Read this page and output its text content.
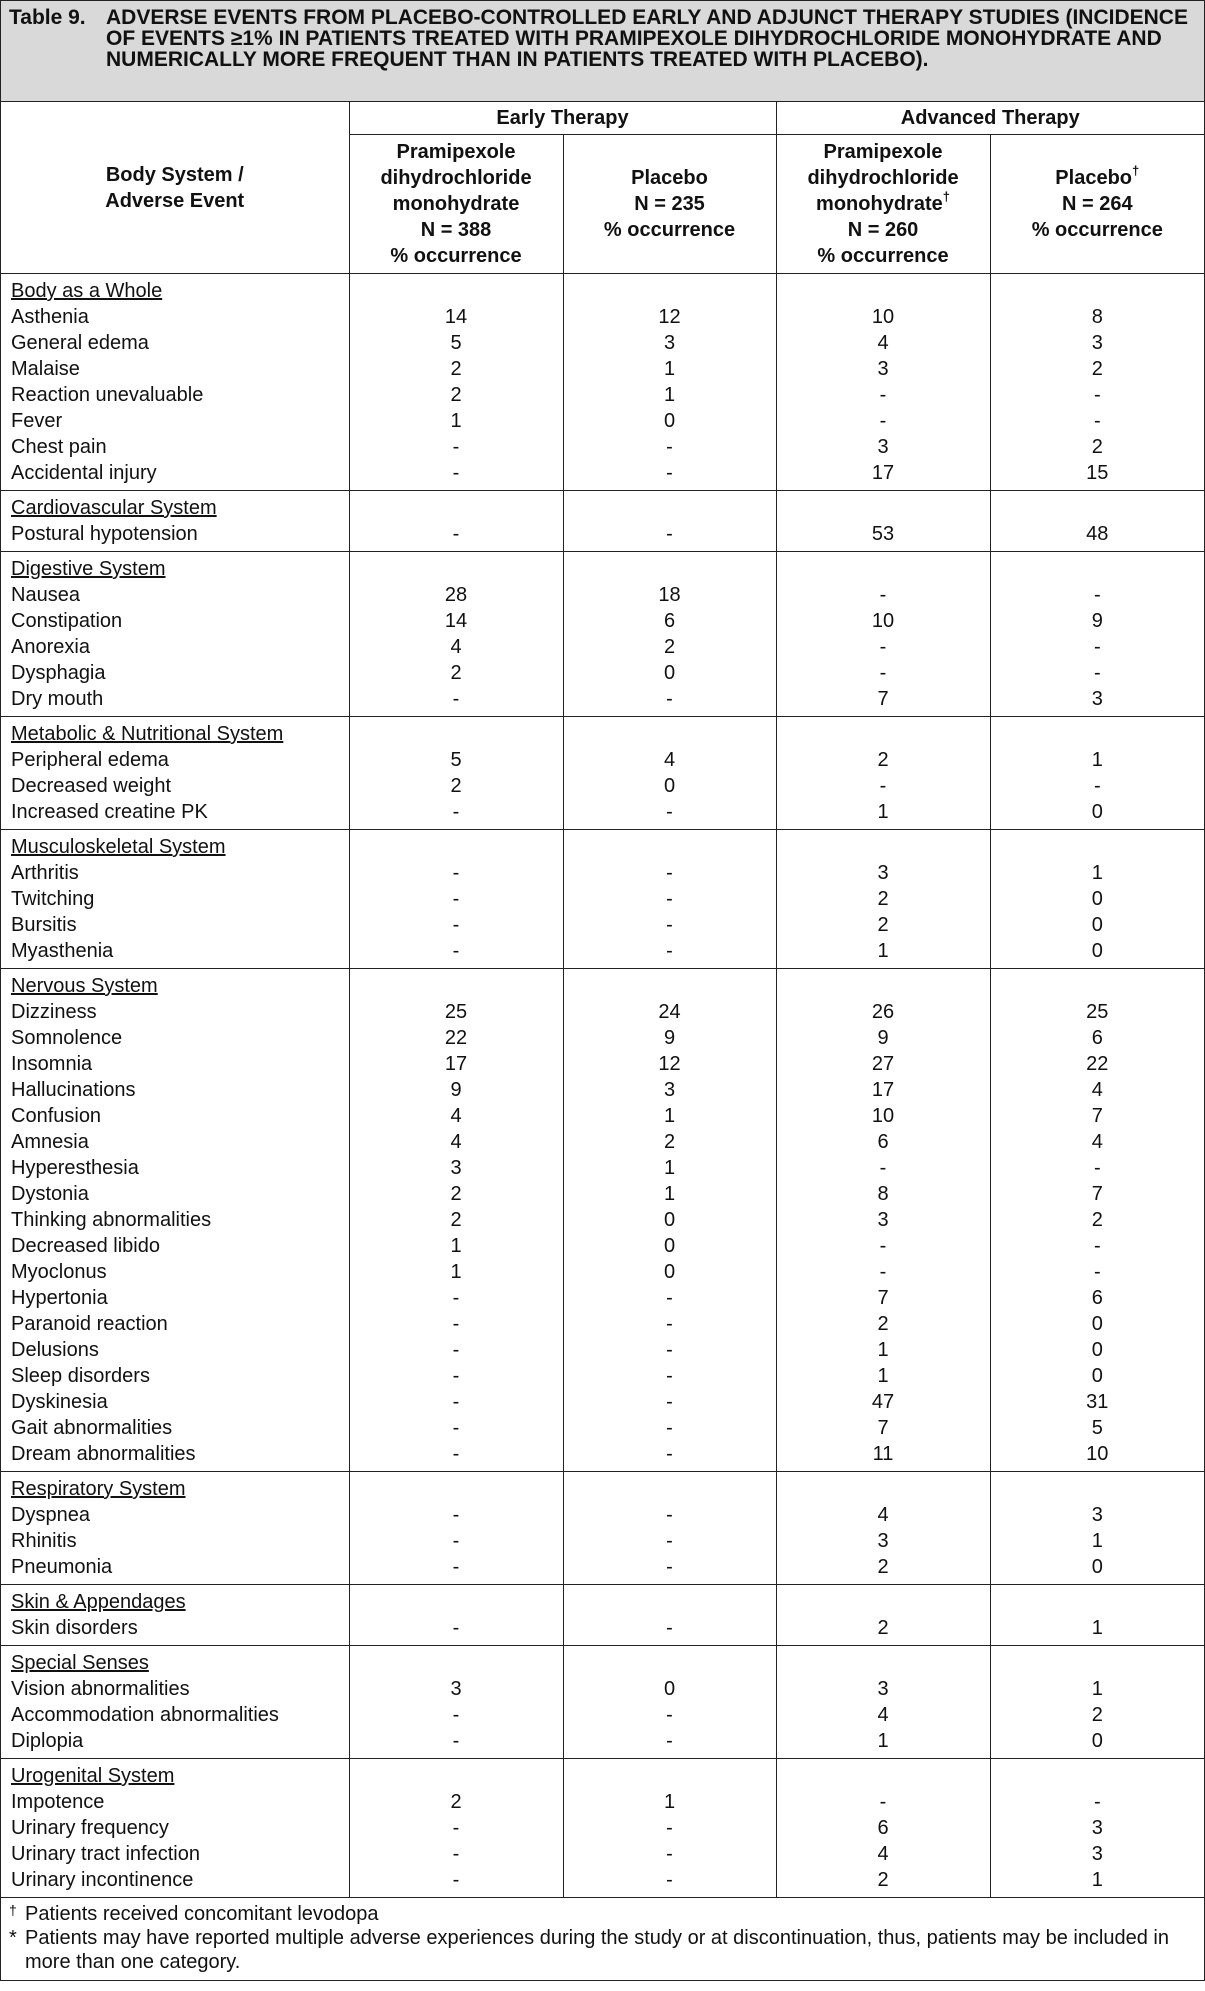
Table 9. ADVERSE EVENTS FROM PLACEBO-CONTROLLED EARLY AND ADJUNCT THERAPY STUDIES (INCIDENCE OF EVENTS ≥1% IN PATIENTS TREATED WITH PRAMIPEXOLE DIHYDROCHLORIDE MONOHYDRATE AND NUMERICALLY MORE FREQUENT THAN IN PATIENTS TREATED WITH PLACEBO).
Body System /
Adverse Event	Early Therapy		Advanced Therapy	
	Pramipexole
dihydrochloride
monohydrate
N = 388
% occurrence	Placebo
N = 235
% occurrence	Pramipexole
dihydrochloride
monohydrate†
N = 260
% occurrence	Placebo†
N = 264
% occurrence
Body as a Whole				
Asthenia	14	12	10	8
General edema	5	3	4	3
Malaise	2	1	3	2
Reaction unevaluable	2	1	-	-
Fever	1	0	-	-
Chest pain	-	-	3	2
Accidental injury	-	-	17	15
Cardiovascular System				
Postural hypotension	-	-	53	48
Digestive System				
Nausea	28	18	-	-
Constipation	14	6	10	9
Anorexia	4	2	-	-
Dysphagia	2	0	-	-
Dry mouth	-	-	7	3
Metabolic & Nutritional System				
Peripheral edema	5	4	2	1
Decreased weight	2	0	-	-
Increased creatine PK	-	-	1	0
Musculoskeletal System				
Arthritis	-	-	3	1
Twitching	-	-	2	0
Bursitis	-	-	2	0
Myasthenia	-	-	1	0
Nervous System				
Dizziness	25	24	26	25
Somnolence	22	9	9	6
Insomnia	17	12	27	22
Hallucinations	9	3	17	4
Confusion	4	1	10	7
Amnesia	4	2	6	4
Hyperesthesia	3	1	-	-
Dystonia	2	1	8	7
Thinking abnormalities	2	0	3	2
Decreased libido	1	0	-	-
Myoclonus	1	0	-	-
Hypertonia	-	-	7	6
Paranoid reaction	-	-	2	0
Delusions	-	-	1	0
Sleep disorders	-	-	1	0
Dyskinesia	-	-	47	31
Gait abnormalities	-	-	7	5
Dream abnormalities	-	-	11	10
Respiratory System				
Dyspnea	-	-	4	3
Rhinitis	-	-	3	1
Pneumonia	-	-	2	0
Skin & Appendages				
Skin disorders	-	-	2	1
Special Senses				
Vision abnormalities	3	0	3	1
Accommodation abnormalities	-	-	4	2
Diplopia	-	-	1	0
Urogenital System				
Impotence	2	1	-	-
Urinary frequency	-	-	6	3
Urinary tract infection	-	-	4	3
Urinary incontinence	-	-	2	1
† Patients received concomitant levodopa
* Patients may have reported multiple adverse experiences during the study or at discontinuation, thus, patients may be included in more than one category.
